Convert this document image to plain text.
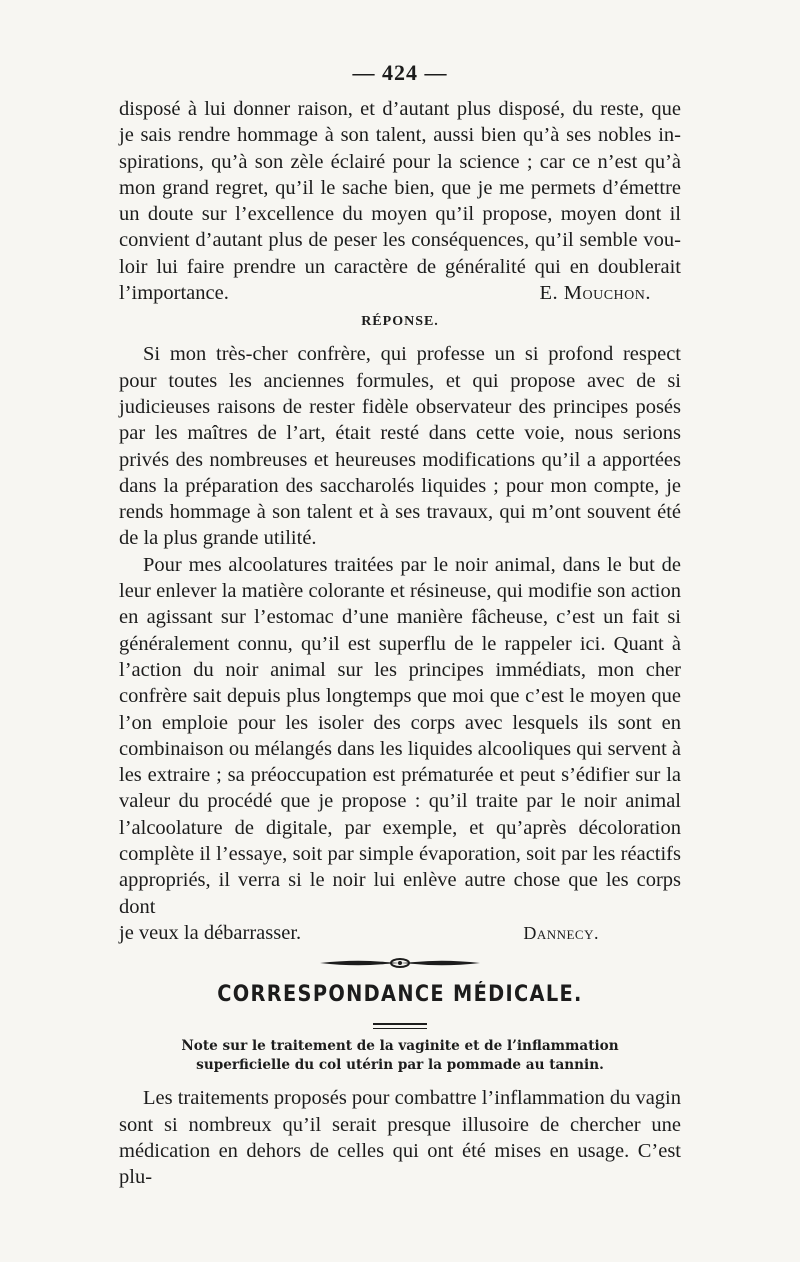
— 424 —

disposé à lui donner raison, et d’autant plus disposé, du reste, que

je sais rendre hommage à son talent, aussi bien qu’à ses nobles in-

spirations, qu’à son zèle éclairé pour la science ; car ce n’est qu’à

mon grand regret, qu’il le sache bien, que je me permets d’émettre

un doute sur l’excellence du moyen qu’il propose, moyen dont il

convient d’autant plus de peser les conséquences, qu’il semble vou-

loir lui faire prendre un caractère de généralité qui en doublerait

l’importance.	E. Mouchon.
RÉPONSE.

Si mon très-cher confrère, qui professe un si profond respect pour toutes les anciennes formules, et qui propose avec de si judicieuses raisons de rester fidèle observateur des principes posés par les maîtres de l’art, était resté dans cette voie, nous serions privés des nombreuses et heureuses modifications qu’il a apportées dans la préparation des saccharolés liquides ; pour mon compte, je rends hommage à son talent et à ses travaux, qui m’ont souvent été de la plus grande utilité.

Pour mes alcoolatures traitées par le noir animal, dans le but de leur enlever la matière colorante et résineuse, qui modifie son action en agissant sur l’estomac d’une manière fâcheuse, c’est un fait si généralement connu, qu’il est superflu de le rappeler ici. Quant à l’action du noir animal sur les principes immédiats, mon cher confrère sait depuis plus longtemps que moi que c’est le moyen que l’on emploie pour les isoler des corps avec lesquels ils sont en combinaison ou mélangés dans les liquides alcooliques qui servent à les extraire ; sa préoccupation est prématurée et peut s’édifier sur la valeur du procédé que je propose : qu’il traite par le noir animal l’alcoolature de digitale, par exemple, et qu’après décoloration complète il l’essaye, soit par simple évaporation, soit par les réactifs appropriés, il verra si le noir lui enlève autre chose que les corps dont

je veux la débarrasser.	Dannecy.
CORRESPONDANCE MÉDICALE.
Note sur le traitement de la vaginite et de l’inflammation
superficielle du col utérin par la pommade au tannin.

Les traitements proposés pour combattre l’inflammation du vagin sont si nombreux qu’il serait presque illusoire de chercher une médication en dehors de celles qui ont été mises en usage. C’est plu-
